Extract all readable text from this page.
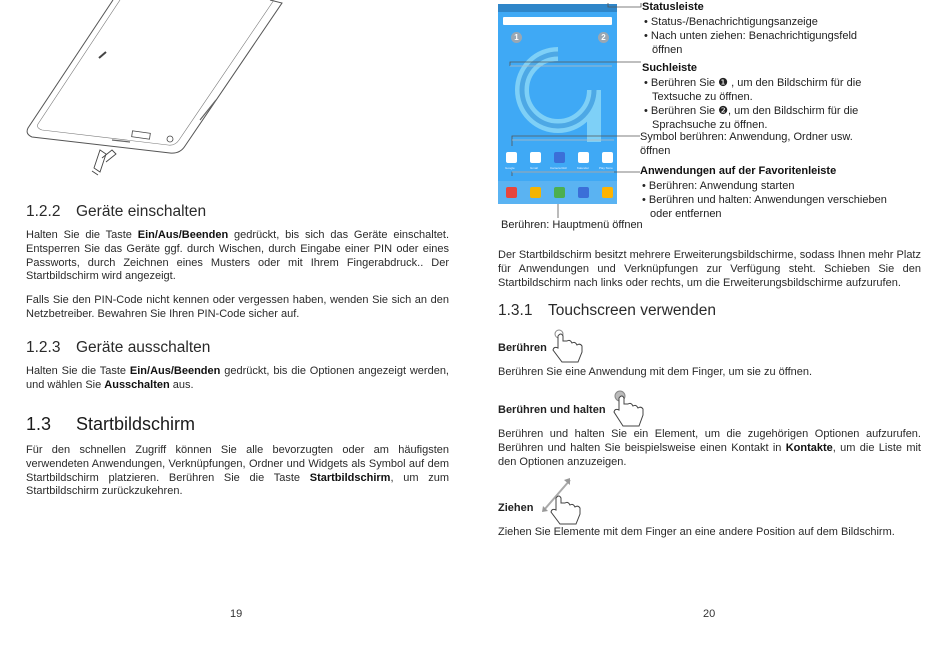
1.2.2 Geräte einschalten
Halten Sie die Taste Ein/Aus/Beenden gedrückt, bis sich das Geräte einschaltet. Entsperren Sie das Geräte ggf. durch Wischen, durch Eingabe einer PIN oder eines Passworts, durch Zeichnen eines Musters oder mit Ihrem Fingerabdruck.. Der Startbildschirm wird angezeigt.
Falls Sie den PIN-Code nicht kennen oder vergessen haben, wenden Sie sich an den Netzbetreiber. Bewahren Sie Ihren PIN-Code sicher auf.
1.2.3 Geräte ausschalten
Halten Sie die Taste Ein/Aus/Beenden gedrückt, bis die Optionen angezeigt werden, und wählen Sie Ausschalten aus.
1.3 Startbildschirm
Für den schnellen Zugriff können Sie alle bevorzugten oder am häufigsten verwendeten Anwendungen, Verknüpfungen, Ordner und Widgets als Symbol auf dem Startbildschirm platzieren. Berühren Sie die Taste Startbildschirm, um zum Startbildschirm zurückzukehren.
19
1	2
Google	Gmail	Camera Roll	Kalender	Play Store
Statusleiste
• Status-/Benachrichtigungsanzeige
• Nach unten ziehen: Benachrichtigungsfeld öffnen
Suchleiste
• Berühren Sie ❶ , um den Bildschirm für die Textsuche zu öffnen.
• Berühren Sie ❷, um den Bildschirm für die Sprachsuche zu öffnen.
Symbol berühren: Anwendung, Ordner usw. öffnen
Anwendungen auf der Favoritenleiste
• Berühren: Anwendung starten
• Berühren und halten: Anwendungen verschieben oder entfernen
Berühren: Hauptmenü öffnen
Der Startbildschirm besitzt mehrere Erweiterungsbildschirme, sodass Ihnen mehr Platz für Anwendungen und Verknüpfungen zur Verfügung steht. Schieben Sie den Startbildschirm nach links oder rechts, um die Erweiterungsbildschirme aufzurufen.
1.3.1 Touchscreen verwenden
Berühren
Berühren Sie eine Anwendung mit dem Finger, um sie zu öffnen.
Berühren und halten
Berühren und halten Sie ein Element, um die zugehörigen Optionen aufzurufen. Berühren und halten Sie beispielsweise einen Kontakt in Kontakte, um die Liste mit den Optionen anzuzeigen.
Ziehen
Ziehen Sie Elemente mit dem Finger an eine andere Position auf dem Bildschirm.
20
